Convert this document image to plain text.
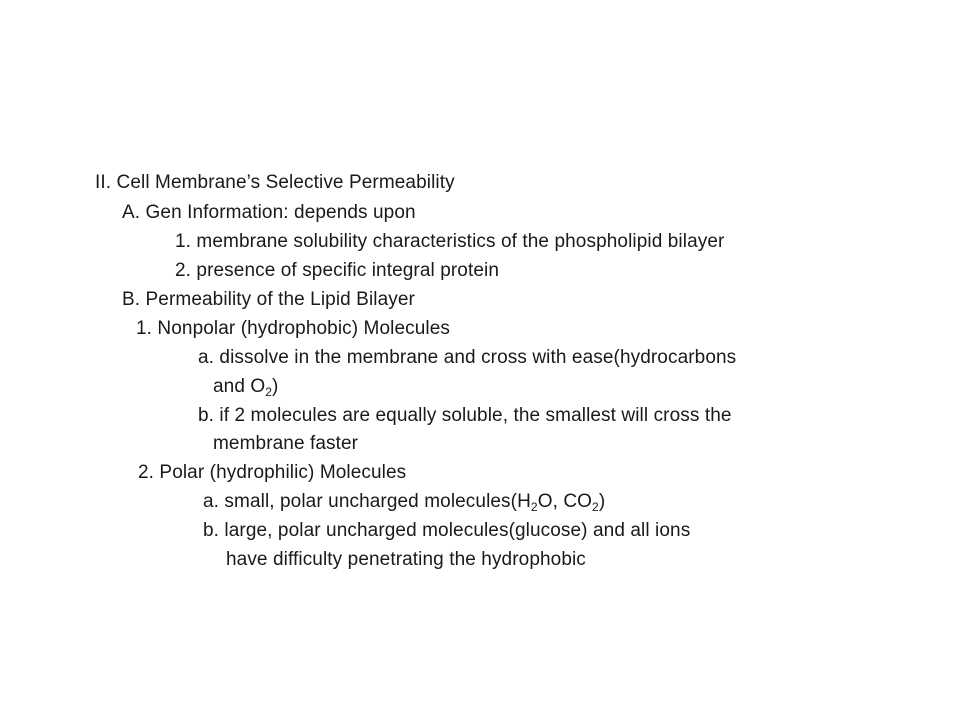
II. Cell Membrane’s Selective Permeability
A. Gen Information: depends upon
1. membrane solubility characteristics of the phospholipid bilayer
2. presence of specific integral protein
B. Permeability of the Lipid Bilayer
1. Nonpolar (hydrophobic) Molecules
a. dissolve in the membrane and cross with ease(hydrocarbons
and $O_2$)
b. if 2 molecules are equally soluble, the smallest will cross the
membrane faster
2. Polar (hydrophilic) Molecules
a. small, polar uncharged $molecules(H_2O$, $CO_2$)
b. large, polar uncharged molecules(glucose) and all ions
have difficulty penetrating the hydrophobic
